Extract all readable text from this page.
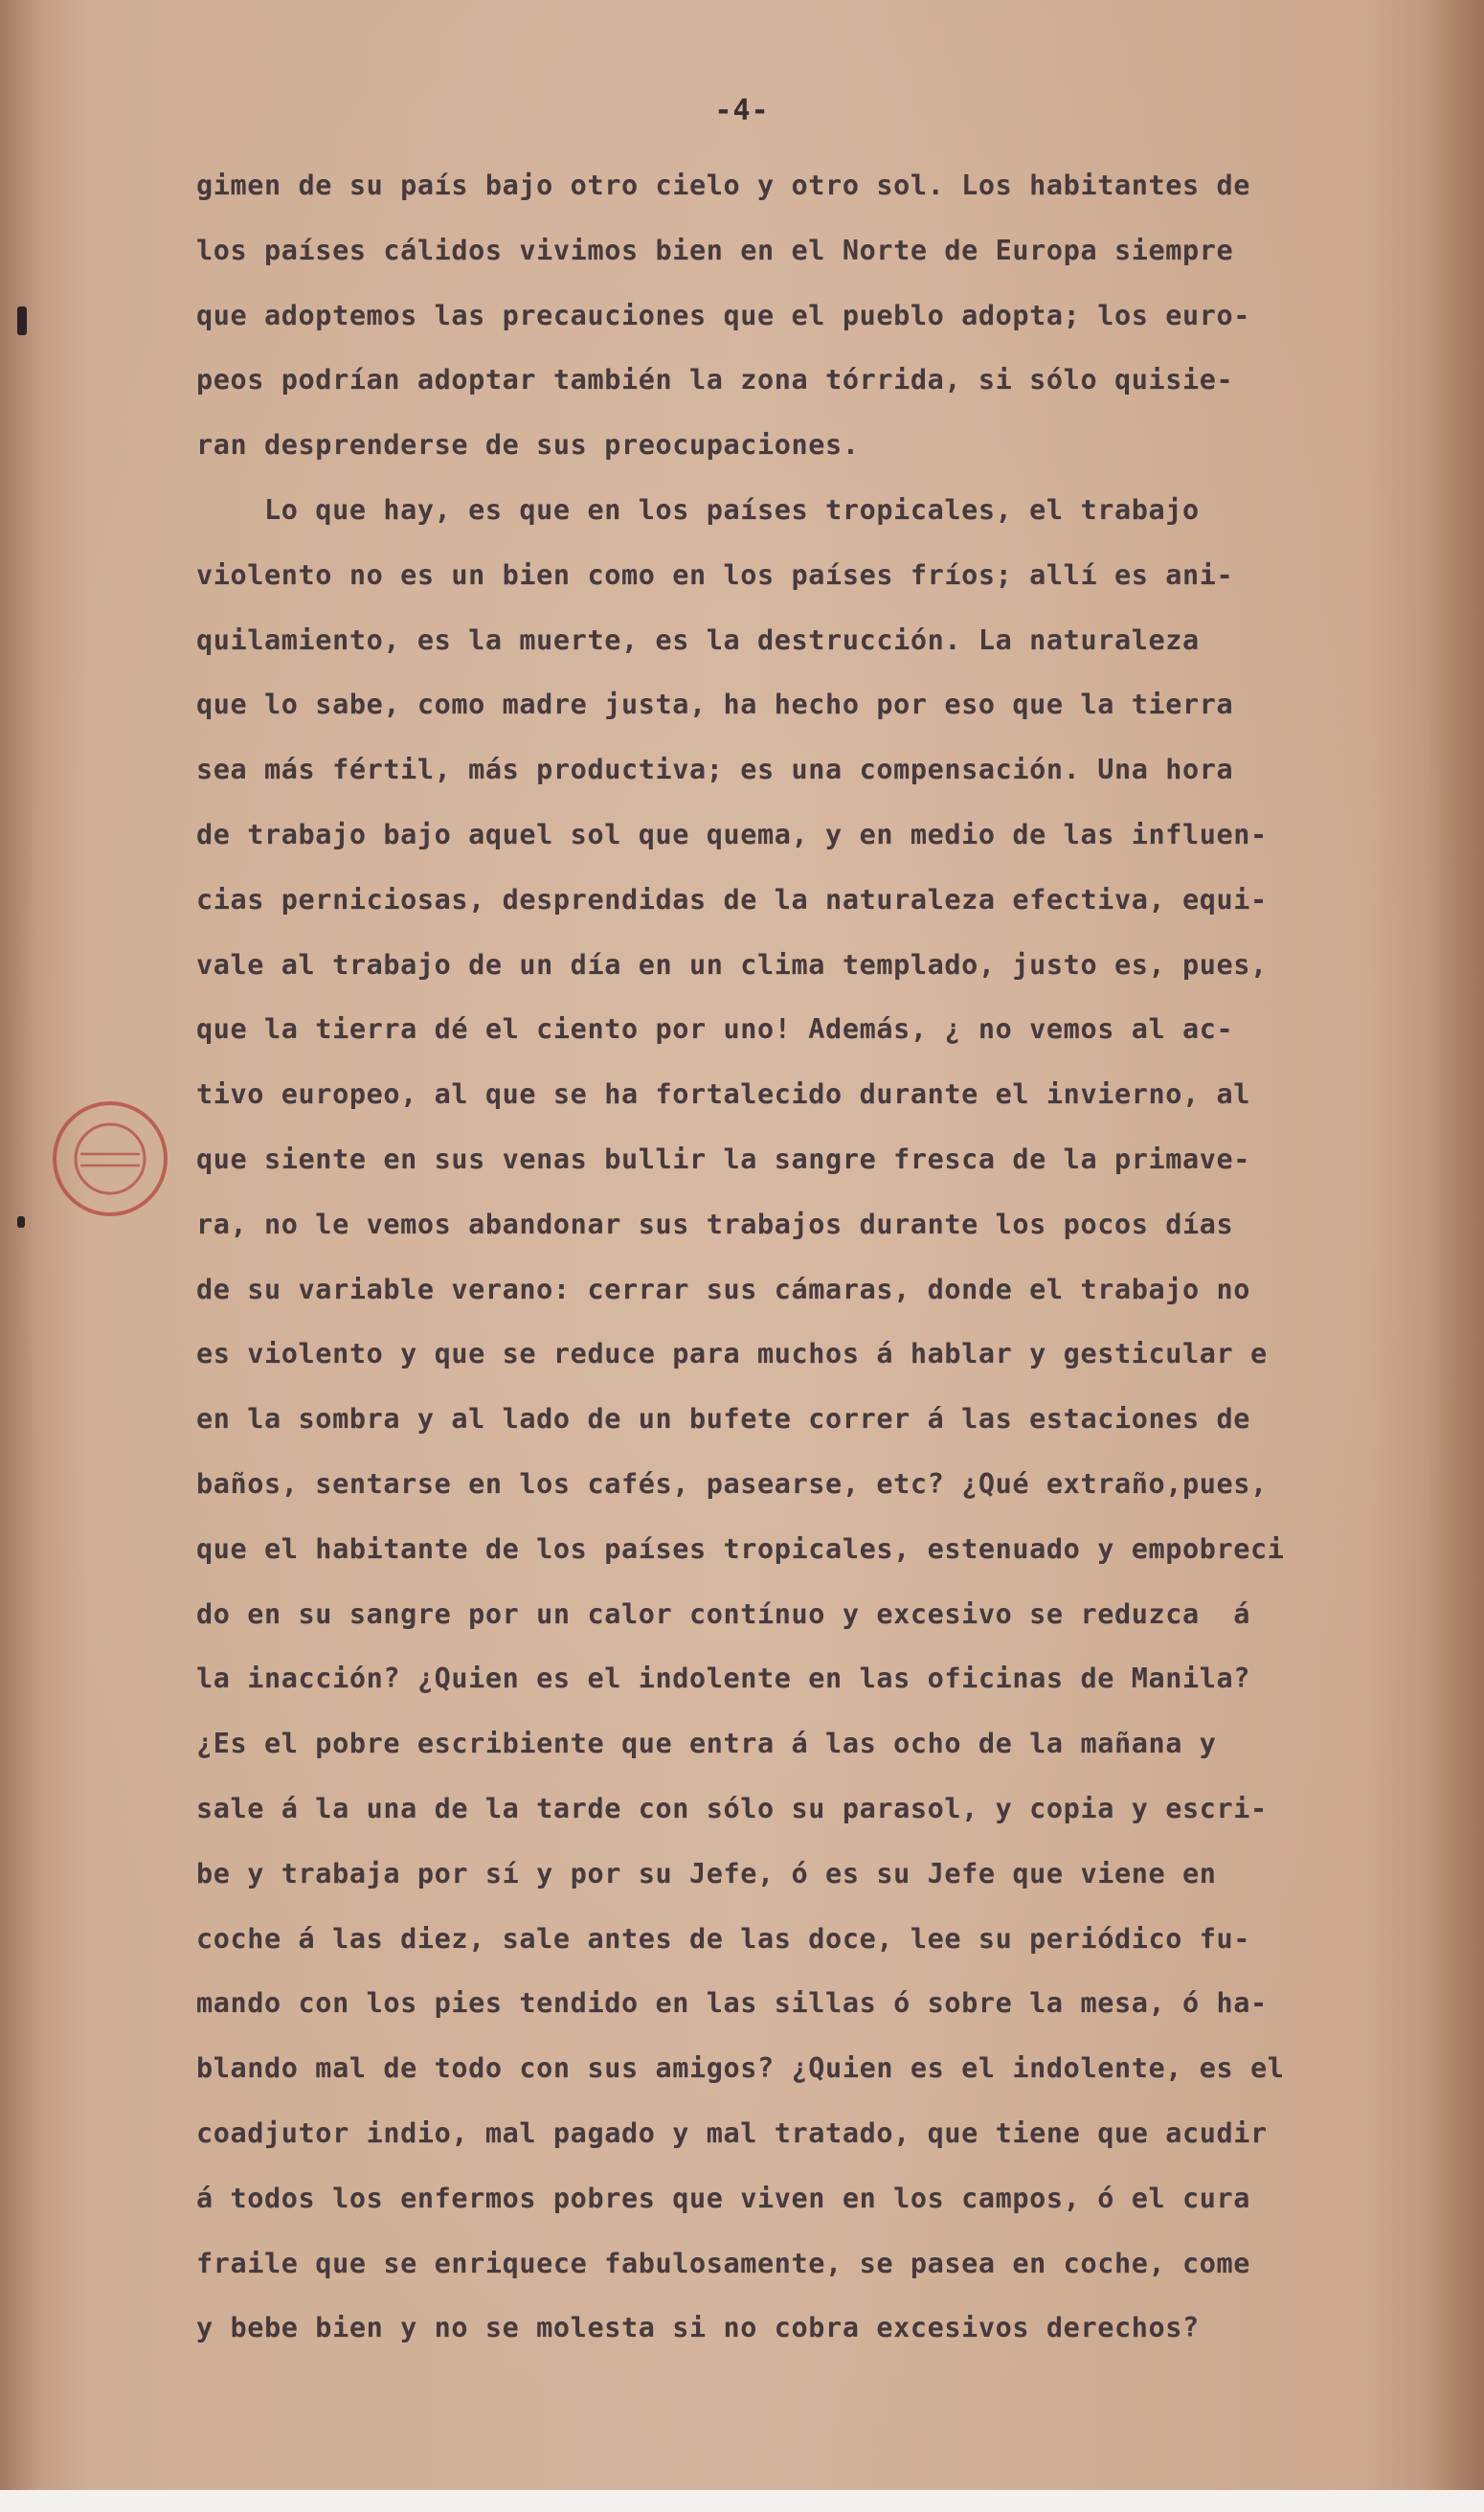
-4-
gimen de su país bajo otro cielo y otro sol. Los habitantes de
los países cálidos vivimos bien en el Norte de Europa siempre
que adoptemos las precauciones que el pueblo adopta; los euro-
peos podrían adoptar también la zona tórrida, si sólo quisie-
ran desprenderse de sus preocupaciones.
Lo que hay, es que en los países tropicales, el trabajo
violento no es un bien como en los países fríos; allí es ani-
quilamiento, es la muerte, es la destrucción. La naturaleza
que lo sabe, como madre justa, ha hecho por eso que la tierra
sea más fértil, más productiva; es una compensación. Una hora
de trabajo bajo aquel sol que quema, y en medio de las influen-
cias perniciosas, desprendidas de la naturaleza efectiva, equi-
vale al trabajo de un día en un clima templado, justo es, pues,
que la tierra dé el ciento por uno! Además, ¿ no vemos al ac-
tivo europeo, al que se ha fortalecido durante el invierno, al
que siente en sus venas bullir la sangre fresca de la primave-
ra, no le vemos abandonar sus trabajos durante los pocos días
de su variable verano: cerrar sus cámaras, donde el trabajo no
es violento y que se reduce para muchos á hablar y gesticular e
en la sombra y al lado de un bufete correr á las estaciones de
baños, sentarse en los cafés, pasearse, etc? ¿Qué extraño,pues,
que el habitante de los países tropicales, estenuado y empobreci
do en su sangre por un calor contínuo y excesivo se reduzca  á
la inacción? ¿Quien es el indolente en las oficinas de Manila?
¿Es el pobre escribiente que entra á las ocho de la mañana y
sale á la una de la tarde con sólo su parasol, y copia y escri-
be y trabaja por sí y por su Jefe, ó es su Jefe que viene en
coche á las diez, sale antes de las doce, lee su periódico fu-
mando con los pies tendido en las sillas ó sobre la mesa, ó ha-
blando mal de todo con sus amigos? ¿Quien es el indolente, es el
coadjutor indio, mal pagado y mal tratado, que tiene que acudir
á todos los enfermos pobres que viven en los campos, ó el cura
fraile que se enriquece fabulosamente, se pasea en coche, come
y bebe bien y no se molesta si no cobra excesivos derechos?
